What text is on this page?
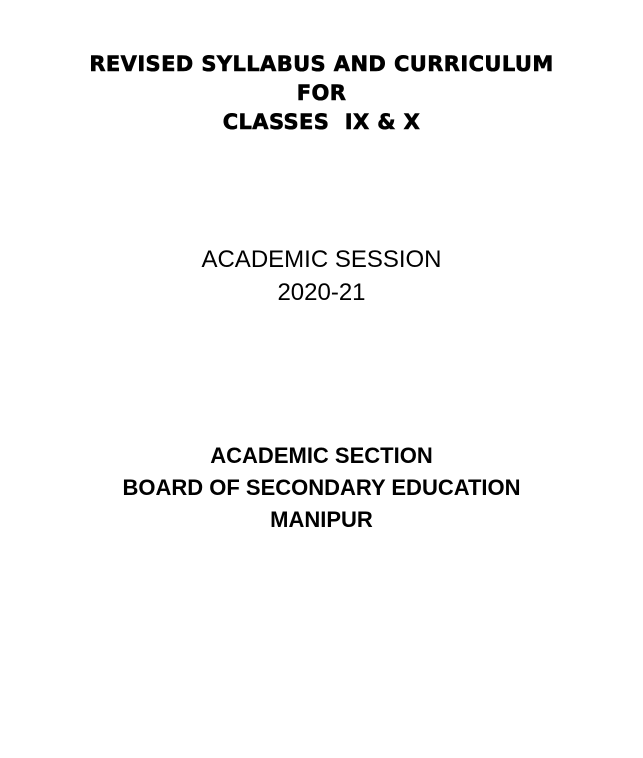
REVISED SYLLABUS AND CURRICULUM
FOR
CLASSES  IX & X
ACADEMIC SESSION
2020-21
ACADEMIC SECTION
BOARD OF SECONDARY EDUCATION
MANIPUR
